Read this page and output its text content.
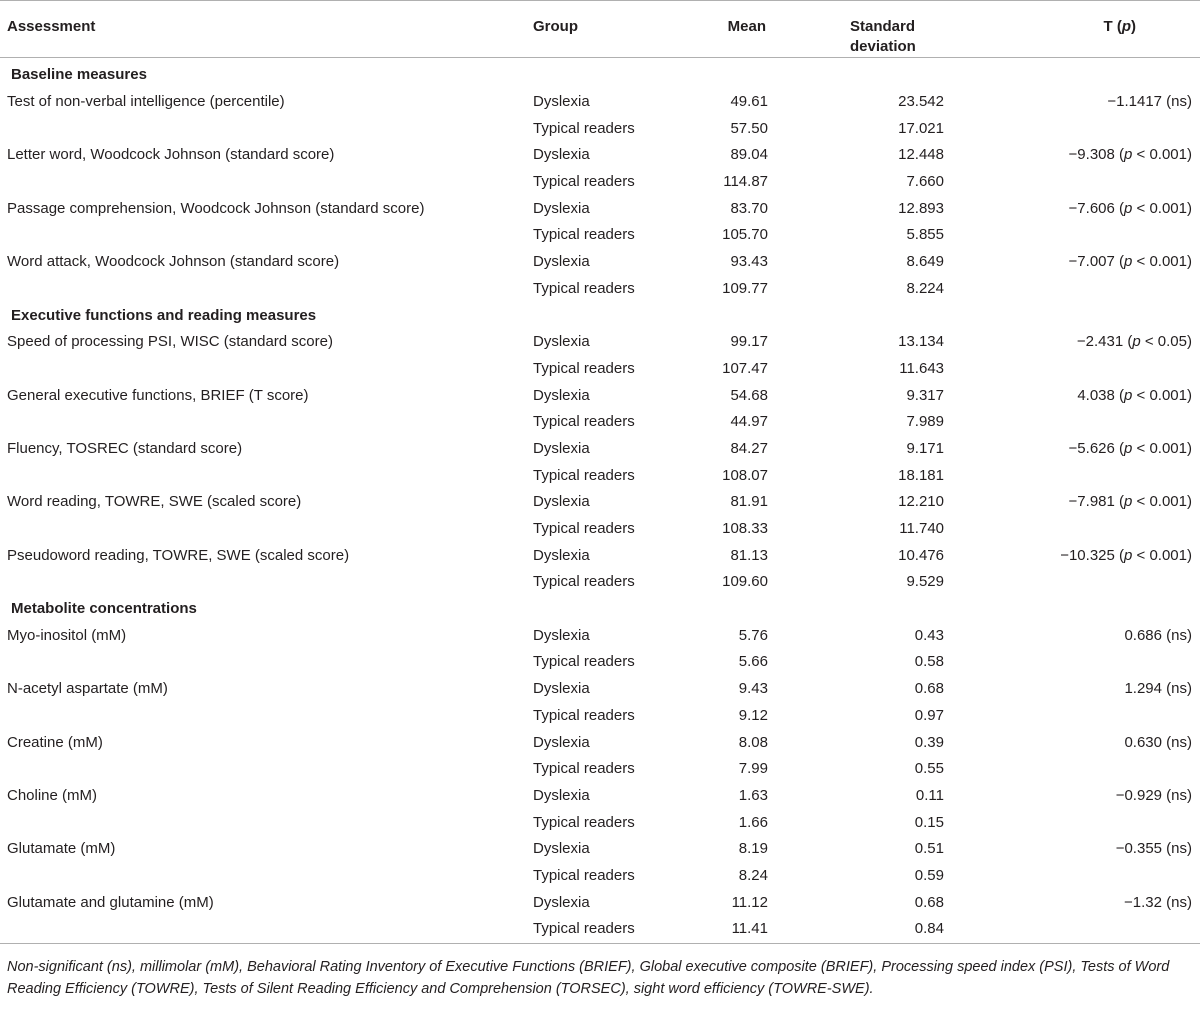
Assessment	Group	Mean	Standard deviation	T (p)
Baseline measures				
Test of non-verbal intelligence (percentile)	Dyslexia	49.61	23.542	−1.1417 (ns)
	Typical readers	57.50	17.021	
Letter word, Woodcock Johnson (standard score)	Dyslexia	89.04	12.448	−9.308 (p < 0.001)
	Typical readers	114.87	7.660	
Passage comprehension, Woodcock Johnson (standard score)	Dyslexia	83.70	12.893	−7.606 (p < 0.001)
	Typical readers	105.70	5.855	
Word attack, Woodcock Johnson (standard score)	Dyslexia	93.43	8.649	−7.007 (p < 0.001)
	Typical readers	109.77	8.224	
Executive functions and reading measures				
Speed of processing PSI, WISC (standard score)	Dyslexia	99.17	13.134	−2.431 (p < 0.05)
	Typical readers	107.47	11.643	
General executive functions, BRIEF (T score)	Dyslexia	54.68	9.317	4.038 (p < 0.001)
	Typical readers	44.97	7.989	
Fluency, TOSREC (standard score)	Dyslexia	84.27	9.171	−5.626 (p < 0.001)
	Typical readers	108.07	18.181	
Word reading, TOWRE, SWE (scaled score)	Dyslexia	81.91	12.210	−7.981 (p < 0.001)
	Typical readers	108.33	11.740	
Pseudoword reading, TOWRE, SWE (scaled score)	Dyslexia	81.13	10.476	−10.325 (p < 0.001)
	Typical readers	109.60	9.529	
Metabolite concentrations				
Myo-inositol (mM)	Dyslexia	5.76	0.43	0.686 (ns)
	Typical readers	5.66	0.58	
N-acetyl aspartate (mM)	Dyslexia	9.43	0.68	1.294 (ns)
	Typical readers	9.12	0.97	
Creatine (mM)	Dyslexia	8.08	0.39	0.630 (ns)
	Typical readers	7.99	0.55	
Choline (mM)	Dyslexia	1.63	0.11	−0.929 (ns)
	Typical readers	1.66	0.15	
Glutamate (mM)	Dyslexia	8.19	0.51	−0.355 (ns)
	Typical readers	8.24	0.59	
Glutamate and glutamine (mM)	Dyslexia	11.12	0.68	−1.32 (ns)
	Typical readers	11.41	0.84	
Non-significant (ns), millimolar (mM), Behavioral Rating Inventory of Executive Functions (BRIEF), Global executive composite (BRIEF), Processing speed index (PSI), Tests of Word Reading Efficiency (TOWRE), Tests of Silent Reading Efficiency and Comprehension (TORSEC), sight word efficiency (TOWRE-SWE).
